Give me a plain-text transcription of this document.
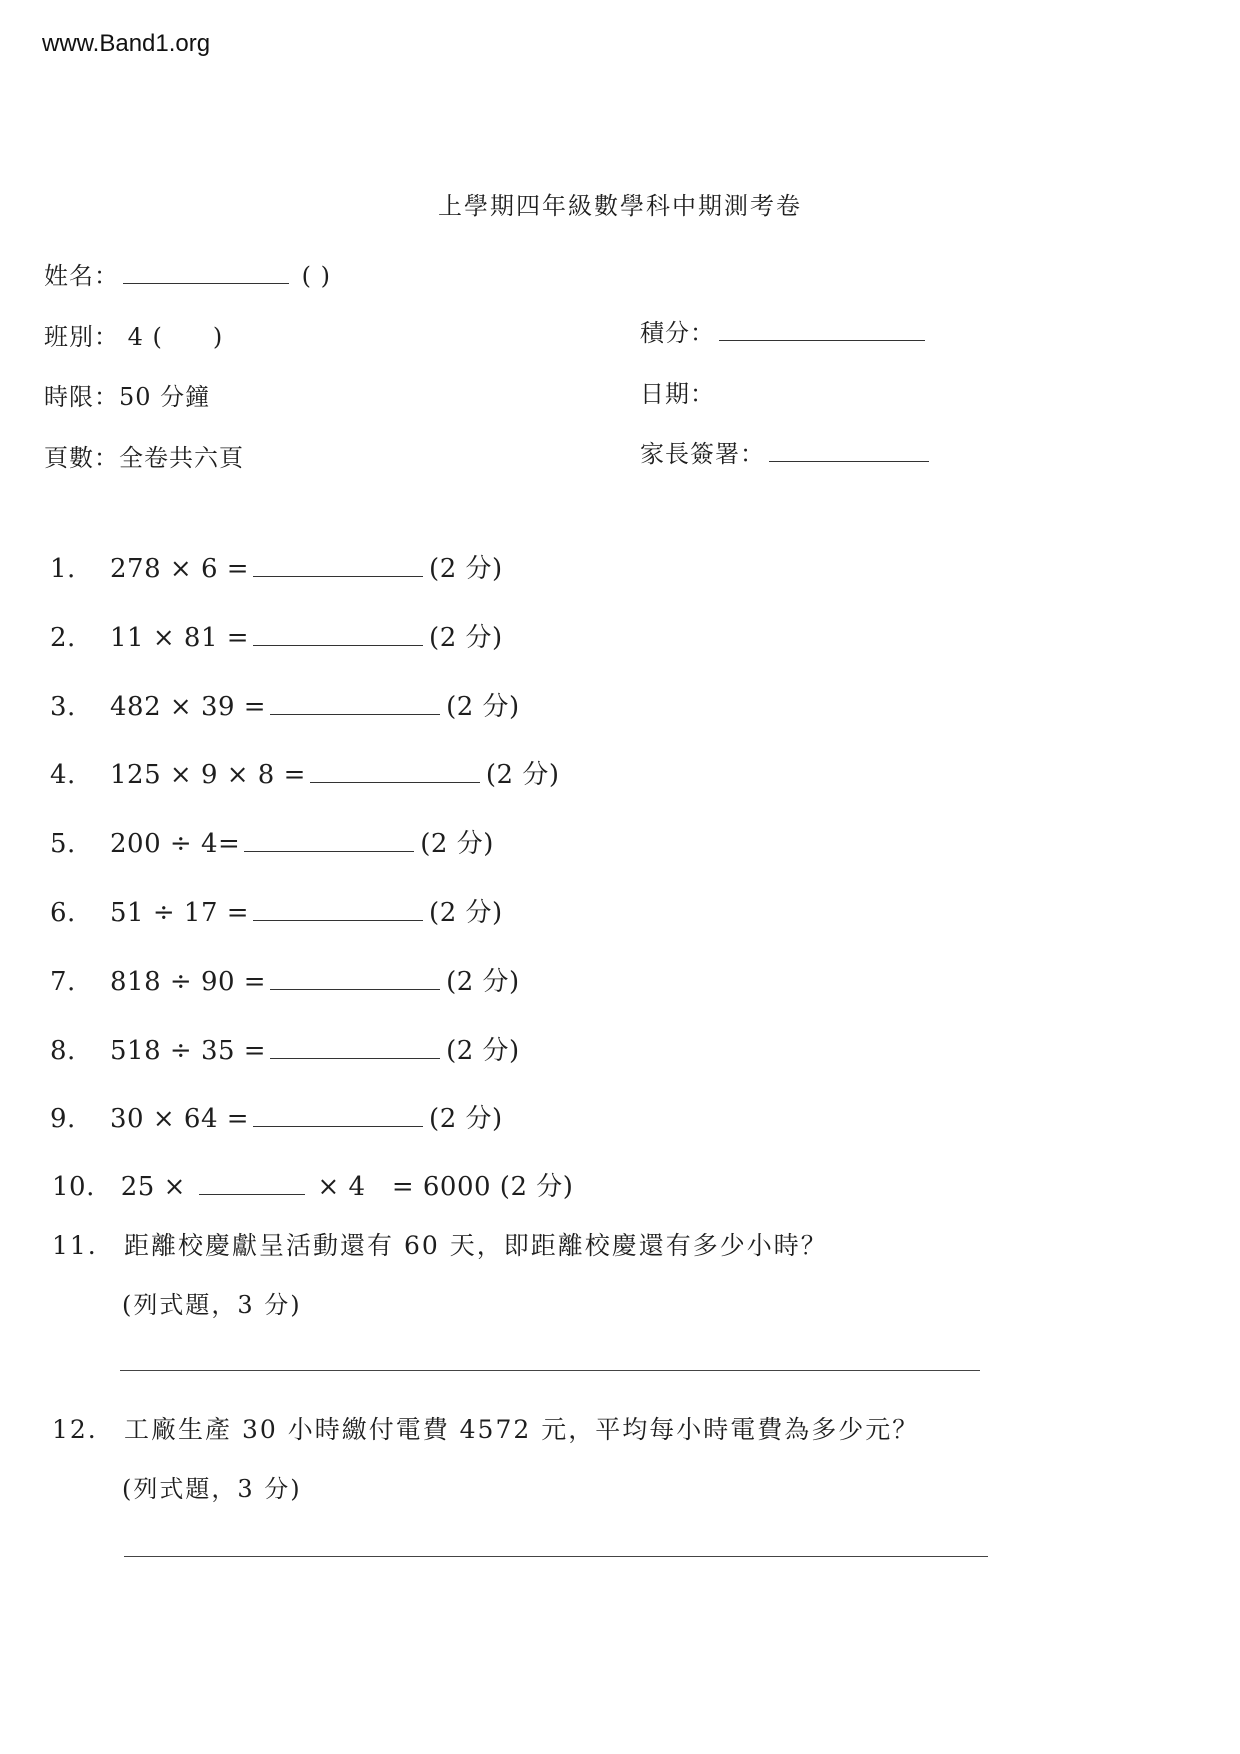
www.Band1.org
上學期四年級數學科中期測考卷
姓名：	( )
班別： 4 (　　)
時限：50 分鐘
頁數：全卷共六頁
積分：
日期：
家長簽署：
1. 278 × 6 =	(2 分)
2. 11 × 81 =	(2 分)
3. 482 × 39 =	(2 分)
4. 125 × 9 × 8 =	(2 分)
5. 200 ÷ 4=	(2 分)
6. 51 ÷ 17 =	(2 分)
7. 818 ÷ 90 =	(2 分)
8. 518 ÷ 35 =	(2 分)
9. 30 × 64 =	(2 分)
10. 25 ×	× 4 = 6000 (2 分)
11. 距離校慶獻呈活動還有 60 天，即距離校慶還有多少小時？
(列式題，3 分)
12. 工廠生產 30 小時繳付電費 4572 元，平均每小時電費為多少元？
(列式題，3 分)
